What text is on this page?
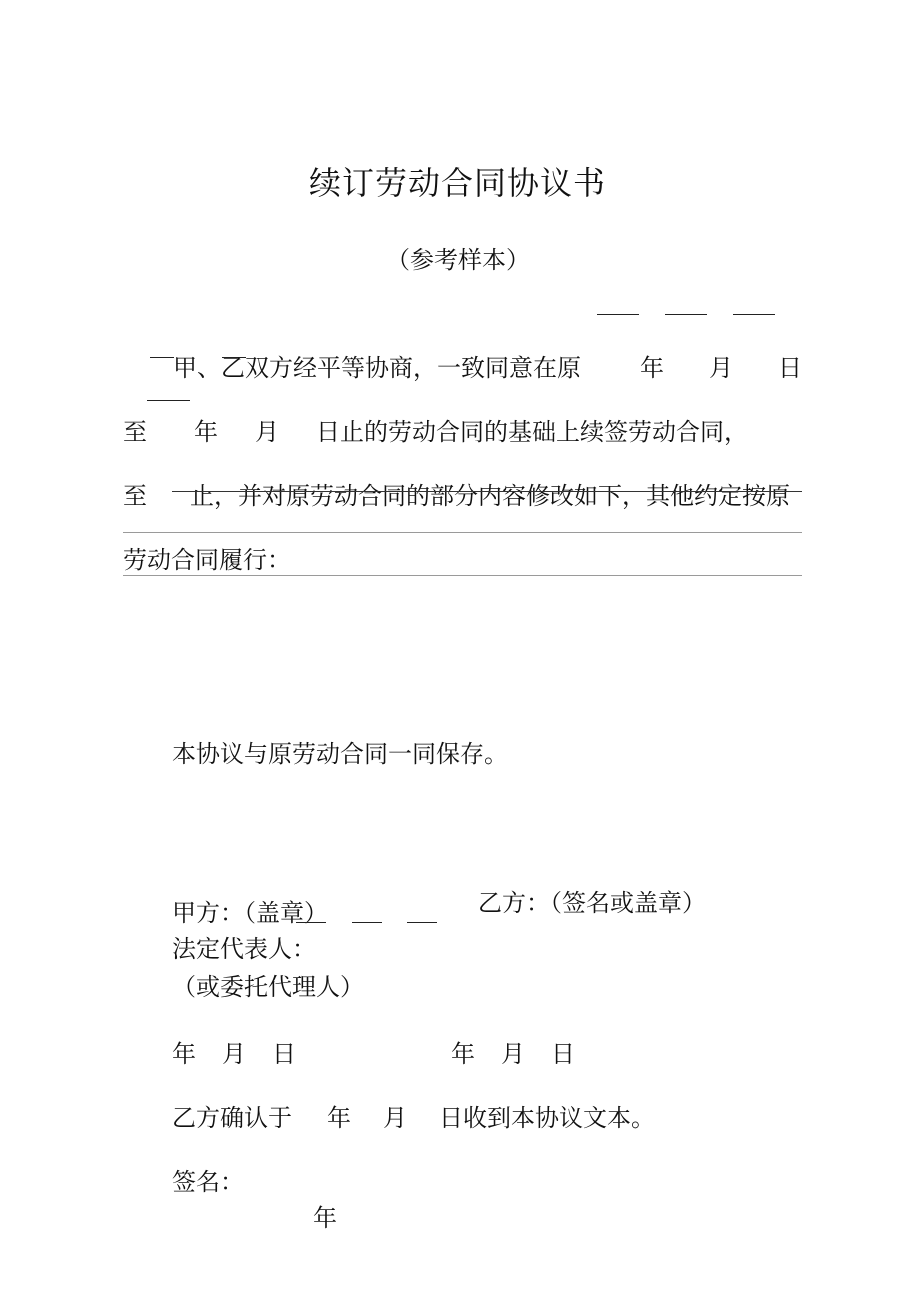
续订劳动合同协议书
（参考样本）
甲、乙双方经平等协商，一致同意在原 年 月 日
至 年 月 日止的劳动合同的基础上续签劳动合同，
至 止，并对原劳动合同的部分内容修改如下，其他约定按原
劳动合同履行：
本协议与原劳动合同一同保存。
甲方：（盖章）
法定代表人：
（或委托代理人）
乙方：（签名或盖章）
年 月 日	年 月 日
乙方确认于 年 月 日收到本协议文本。
签名：
年
